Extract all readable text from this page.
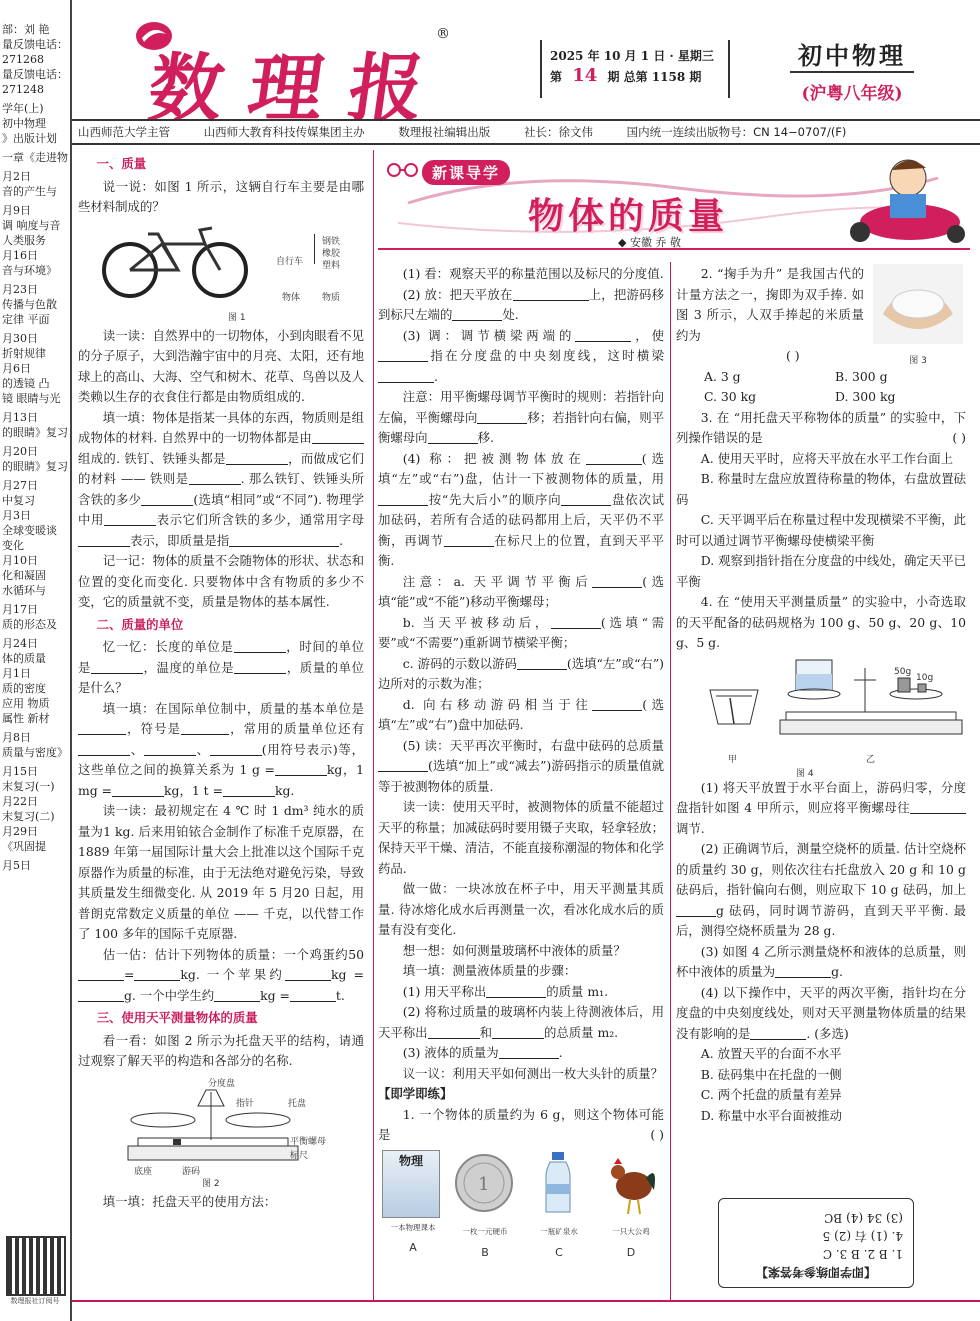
部：刘 艳
量反馈电话：
271268
量反馈电话：
271248
学年(上)
初中物理
》出版计划
一章《走进物
月2日
音的产生与
月9日
调 响度与音
人类服务
月16日
音与环境》
月23日
传播与色散
定律 平面
月30日
折射规律
月6日
的透镜 凸
镜 眼睛与光
月13日
的眼睛》复习
月20日
的眼睛》复习
月27日
中复习
月3日
全球变暖谈
变化
月10日
化和凝固
水循环与
月17日
质的形态及
月24日
体的质量
月1日
质的密度
应用 物质
属性 新材
月8日
质量与密度》
月15日
末复习(一)
月22日
末复习(二)
月29日
《巩固提
月5日
数理报社订阅号
数 理 报
®
2025 年 10 月 1 日 · 星期三
第 14 期 总第 1158 期
初中物理
(沪粤八年级)
山西师范大学主管	山西师大教育科技传媒集团主办	数理报社编辑出版	社长：徐文伟	国内统一连续出版物号：CN 14−0707/(F)
新课导学
物体的质量
◆ 安徽 乔 敬

一、质量

说一说：如图 1 所示，这辆自行车主要是由哪些材料制成的？

自行车
钢铁
橡胶
塑料
物体 物质
图 1

读一读：自然界中的一切物体，小到肉眼看不见的分子原子，大到浩瀚宇宙中的月亮、太阳，还有地球上的高山、大海、空气和树木、花草、鸟兽以及人类赖以生存的衣食住行都是由物质组成的.

填一填：物体是指某一具体的东西，物质则是组成物体的材料. 自然界中的一切物体都是由组成的. 铁钉、铁锤头都是	，而做成它们的材料 —— 铁则是	. 那么铁钉、铁锤头所含铁的多少	(选填“相同”或“不同”). 物理学中用	表示它们所含铁的多少，通常用字母表示，即质量是指	.

记一记：物体的质量不会随物体的形状、状态和位置的变化而变化. 只要物体中含有物质的多少不变，它的质量就不变，质量是物体的基本属性.

二、质量的单位

忆一忆：长度的单位是	，时间的单位是	，温度的单位是	，质量的单位是什么？

填一填：在国际单位制中，质量的基本单位是，符号是	，常用的质量单位还有、	、	(用符号表示)等，这些单位之间的换算关系为 1 g =	kg，1 mg =	kg，1 t =	kg.

读一读：最初规定在 4 ℃ 时 1 dm³ 纯水的质量为1 kg. 后来用铂铱合金制作了标准千克原器，在 1889 年第一届国际计量大会上批准以这个国际千克原器作为质量的标准，由于无法绝对避免污染，导致其质量发生细微变化. 从 2019 年 5 月20 日起，用普朗克常数定义质量的单位 —— 千克，以代替工作了 100 多年的国际千克原器.

估一估：估计下列物体的质量：一个鸡蛋约50=	kg. 一个苹果约	kg =g. 一个中学生约	kg =	t.

三、使用天平测量物体的质量

看一看：如图 2 所示为托盘天平的结构，请通过观察了解天平的构造和各部分的名称.

分度盘
指针	托盘
平衡螺母
标尺
游码
底座
图 2

填一填：托盘天平的使用方法：

(1) 看：观察天平的称量范围以及标尺的分度值.

(2) 放：把天平放在	上，把游码移到标尺左端的	处.

(3) 调：调节横梁两端的	，使指在分度盘的中央刻度线，这时横梁.

注意：用平衡螺母调节平衡时的规则：若指针向左偏，平衡螺母向	移；若指针向右偏，则平衡螺母向	移.

(4) 称：把被测物体放在	(选填“左”或“右”)盘，估计一下被测物体的质量，用按“先大后小”的顺序向	盘依次试加砝码，若所有合适的砝码都用上后，天平仍不平衡，再调节	在标尺上的位置，直到天平平衡.

注意：a. 天平调节平衡后	(选填“能”或“不能”)移动平衡螺母；

b. 当天平被移动后，	(选填“需要”或“不需要”)重新调节横梁平衡；

c. 游码的示数以游码	(选填“左”或“右”)边所对的示数为准；

d. 向右移动游码相当于往	(选填“左”或“右”)盘中加砝码.

(5) 读：天平再次平衡时，右盘中砝码的总质量(选填“加上”或“减去”)游码指示的质量值就等于被测物体的质量.

读一读：使用天平时，被测物体的质量不能超过天平的称量；加减砝码时要用镊子夹取，轻拿轻放；保持天平干燥、清洁，不能直接称潮湿的物体和化学药品.

做一做：一块冰放在杯子中，用天平测量其质量. 待冰熔化成水后再测量一次，看冰化成水后的质量有没有变化.

想一想：如何测量玻璃杯中液体的质量？

填一填：测量液体质量的步骤：

(1) 用天平称出	的质量 m₁.

(2) 将称过质量的玻璃杯内装上待测液体后，用天平称出	和	的总质量 m₂.

(3) 液体的质量为	.

议一议：利用天平如何测出一枚大头针的质量？

【即学即练】

1. 一个物体的质量约为 6 g，则这个物体可能是	( )

物理
一本物理课本
A
1
一枚一元硬币
B
一瓶矿泉水
C
一只大公鸡
D
图 3

2. “掬手为升” 是我国古代的计量方法之一，掬即为双手捧. 如图 3 所示，人双手捧起的米质量约为

( )

A. 3 g	B. 300 g
C. 30 kg	D. 300 kg

3. 在 “用托盘天平称物体的质量” 的实验中，下列操作错误的是	( )

A. 使用天平时，应将天平放在水平工作台面上

B. 称量时左盘应放置待称量的物体，右盘放置砝码

C. 天平调平后在称量过程中发现横梁不平衡，此时可以通过调节平衡螺母使横梁平衡

D. 观察到指针指在分度盘的中线处，确定天平已平衡

4. 在 “使用天平测量质量” 的实验中，小奇选取的天平配备的砝码规格为 100 g、50 g、20 g、10 g、5 g.

50g
10g
甲	乙
图 4

(1) 将天平放置于水平台面上，游码归零，分度盘指针如图 4 甲所示，则应将平衡螺母往调节.

(2) 正确调节后，测量空烧杯的质量. 估计空烧杯的质量约 30 g，则依次往右托盘放入 20 g 和 10 g 砝码后，指针偏向右侧，则应取下 10 g 砝码，加上g 砝码，同时调节游码，直到天平平衡. 最后，测得空烧杯质量为 28 g.

(3) 如图 4 乙所示测量烧杯和液体的总质量，则杯中液体的质量为	g.

(4) 以下操作中，天平的两次平衡，指针均在分度盘的中央刻度线处，则对天平测量物体质量的结果没有影响的是	. (多选)

A. 放置天平的台面不水平

B. 砝码集中在托盘的一侧

C. 两个托盘的质量有差异

D. 称量中水平台面被推动

【即学即练参考答案】
1. B 2. B 3. C
4. (1) 右 (2) 5
(3) 34 (4) BC
